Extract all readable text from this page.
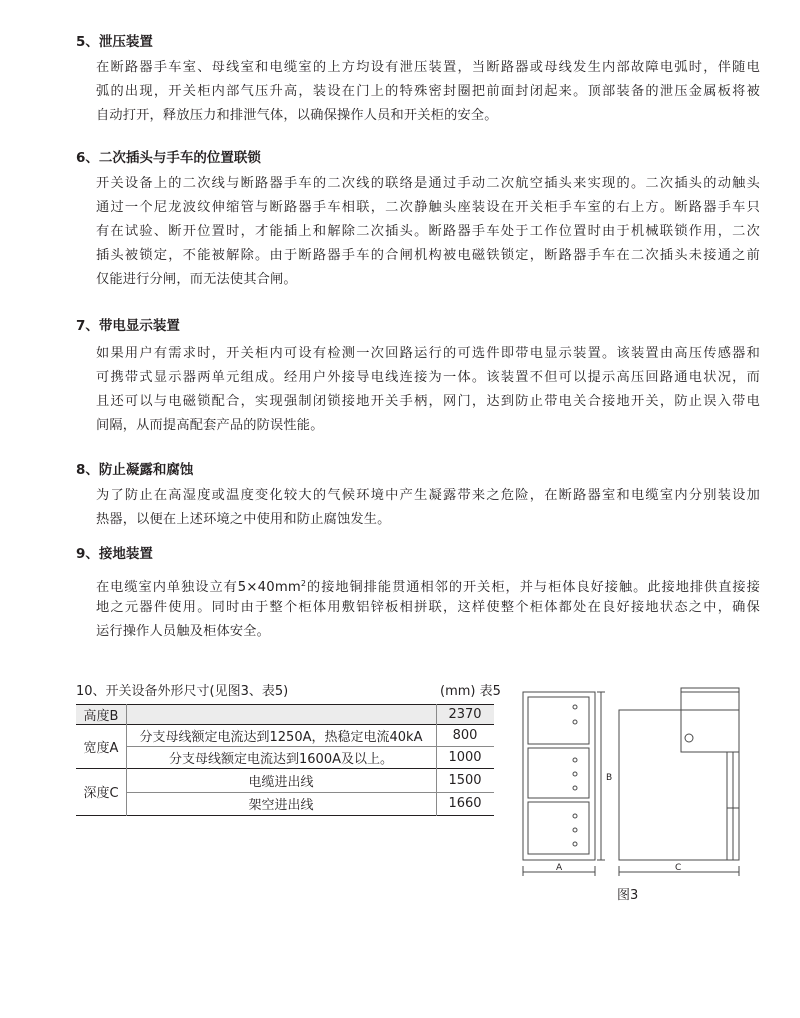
5、泄压装置
在断路器手车室、母线室和电缆室的上方均设有泄压装置，当断路器或母线发生内部故障电弧时，伴随电
弧的出现，开关柜内部气压升高，装设在门上的特殊密封圈把前面封闭起来。顶部装备的泄压金属板将被
自动打开，释放压力和排泄气体，以确保操作人员和开关柜的安全。
6、二次插头与手车的位置联锁
开关设备上的二次线与断路器手车的二次线的联络是通过手动二次航空插头来实现的。二次插头的动触头
通过一个尼龙波纹伸缩管与断路器手车相联，二次静触头座装设在开关柜手车室的右上方。断路器手车只
有在试验、断开位置时，才能插上和解除二次插头。断路器手车处于工作位置时由于机械联锁作用，二次
插头被锁定，不能被解除。由于断路器手车的合闸机构被电磁铁锁定，断路器手车在二次插头未接通之前
仅能进行分闸，而无法使其合闸。
7、带电显示装置
如果用户有需求时，开关柜内可设有检测一次回路运行的可选件即带电显示装置。该装置由高压传感器和
可携带式显示器两单元组成。经用户外接导电线连接为一体。该装置不但可以提示高压回路通电状况，而
且还可以与电磁锁配合，实现强制闭锁接地开关手柄，网门，达到防止带电关合接地开关，防止误入带电
间隔，从而提高配套产品的防误性能。
8、防止凝露和腐蚀
为了防止在高湿度或温度变化较大的气候环境中产生凝露带来之危险，在断路器室和电缆室内分别装设加
热器，以便在上述环境之中使用和防止腐蚀发生。
9、接地装置
在电缆室内单独设立有$5\times 40mm^2$的接地铜排能贯通相邻的开关柜，并与柜体良好接触。此接地排供直接接
地之元器件使用。同时由于整个柜体用敷铝锌板相拼联，这样使整个柜体都处在良好接地状态之中，确保
运行操作人员触及柜体安全。
10、开关设备外形尺寸(见图3、表5)	(mm) 表5
高度B	2370
宽度A
分支母线额定电流达到1250A，热稳定电流40kA	800
分支母线额定电流达到1600A及以上。	1000
深度C
电缆进出线	1500
架空进出线	1660
B
A	C
图3
